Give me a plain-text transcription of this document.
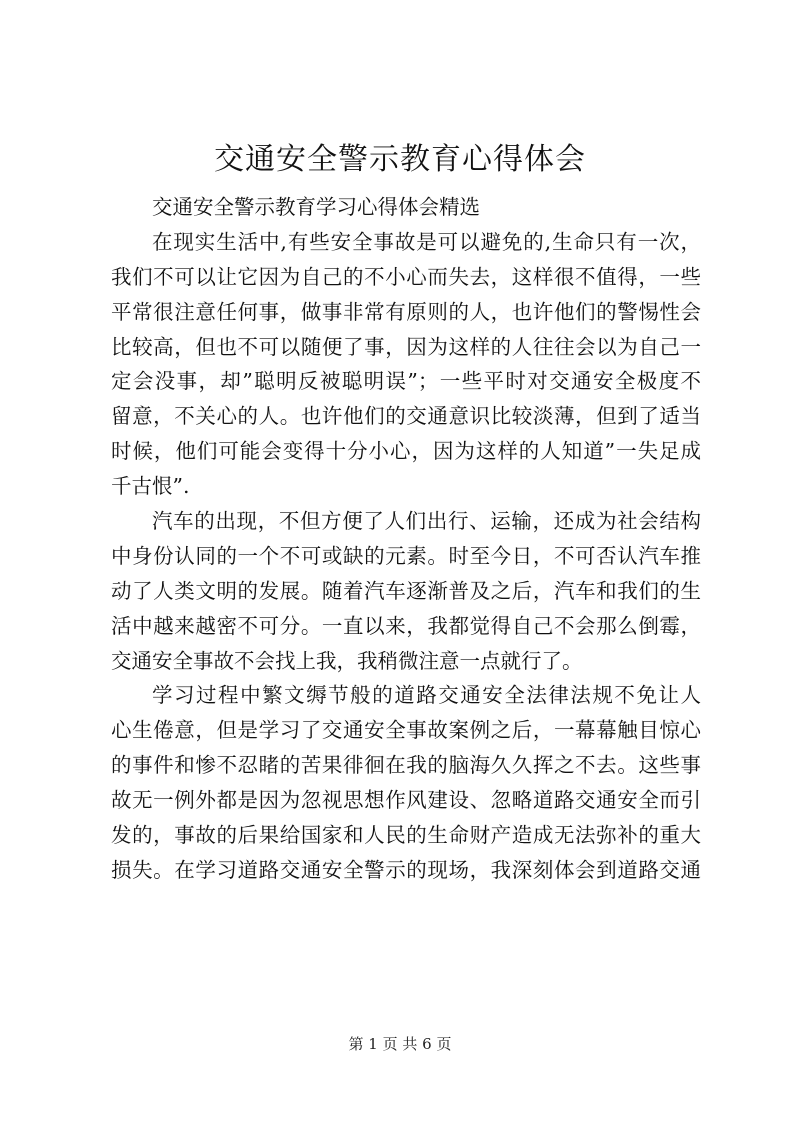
交通安全警示教育心得体会
交通安全警示教育学习心得体会精选
在现实生活中,有些安全事故是可以避免的,生命只有一次，
我们不可以让它因为自己的不小心而失去，这样很不值得，一些
平常很注意任何事，做事非常有原则的人，也许他们的警惕性会
比较高，但也不可以随便了事，因为这样的人往往会以为自己一
定会没事，却”聪明反被聪明误”；一些平时对交通安全极度不
留意，不关心的人。也许他们的交通意识比较淡薄，但到了适当
时候，他们可能会变得十分小心，因为这样的人知道”一失足成
千古恨”.
汽车的出现，不但方便了人们出行、运输，还成为社会结构
中身份认同的一个不可或缺的元素。时至今日，不可否认汽车推
动了人类文明的发展。随着汽车逐渐普及之后，汽车和我们的生
活中越来越密不可分。一直以来，我都觉得自己不会那么倒霉，
交通安全事故不会找上我，我稍微注意一点就行了。
学习过程中繁文缛节般的道路交通安全法律法规不免让人
心生倦意，但是学习了交通安全事故案例之后，一幕幕触目惊心
的事件和惨不忍睹的苦果徘徊在我的脑海久久挥之不去。这些事
故无一例外都是因为忽视思想作风建设、忽略道路交通安全而引
发的，事故的后果给国家和人民的生命财产造成无法弥补的重大
损失。在学习道路交通安全警示的现场，我深刻体会到道路交通
第 1 页 共 6 页
